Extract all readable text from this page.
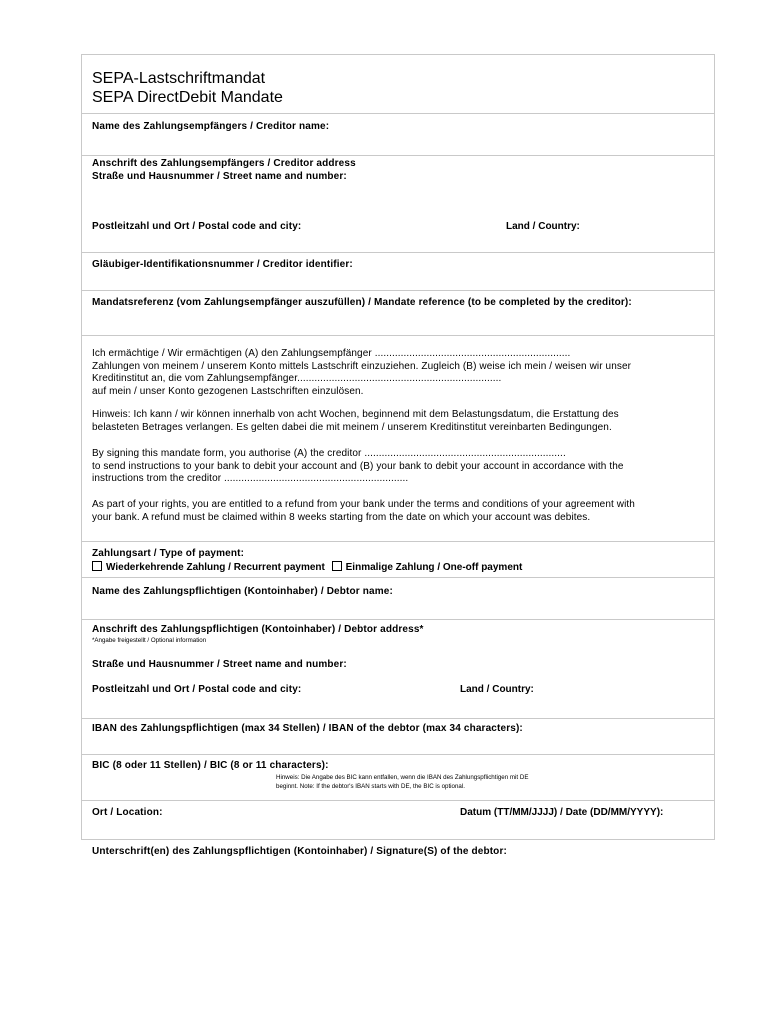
SEPA-Lastschriftmandat
SEPA DirectDebit Mandate
Name des Zahlungsempfängers / Creditor name:
Anschrift des Zahlungsempfängers / Creditor address
Straße und Hausnummer / Street name and number:
Postleitzahl und Ort / Postal code and city:	Land / Country:
Gläubiger-Identifikationsnummer / Creditor identifier:
Mandatsreferenz (vom Zahlungsempfänger auszufüllen) / Mandate reference (to be completed by the creditor):
Ich ermächtige / Wir ermächtigen (A) den Zahlungsempfänger ....................................................................
Zahlungen von meinem / unserem Konto mittels Lastschrift einzuziehen. Zugleich (B) weise ich mein / weisen wir unser
Kreditinstitut an, die vom Zahlungsempfänger.......................................................................
auf mein / unser Konto gezogenen Lastschriften einzulösen.
Hinweis: Ich kann / wir können innerhalb von acht Wochen, beginnend mit dem Belastungsdatum, die Erstattung des
belasteten Betrages verlangen. Es gelten dabei die mit meinem / unserem Kreditinstitut vereinbarten Bedingungen.
By signing this mandate form, you authorise (A) the creditor ......................................................................
to send instructions to your bank to debit your account and (B) your bank to debit your account in accordance with the
instructions trom the creditor ................................................................
As part of your rights, you are entitled to a refund from your bank under the terms and conditions of your agreement with
your bank. A refund must be claimed within 8 weeks starting from the date on which your account was debites.
Zahlungsart / Type of payment:
Wiederkehrende Zahlung / Recurrent payment Einmalige Zahlung / One-off payment
Name des Zahlungspflichtigen (Kontoinhaber) / Debtor name:
Anschrift des Zahlungspflichtigen (Kontoinhaber) / Debtor address*
*Angabe freigestellt / Optional information
Straße und Hausnummer / Street name and number:
Postleitzahl und Ort / Postal code and city:	Land / Country:
IBAN des Zahlungspflichtigen (max 34 Stellen) / IBAN of the debtor (max 34 characters):
BIC (8 oder 11 Stellen) / BIC (8 or 11 characters):
Hinweis: Die Angabe des BIC kann entfallen, wenn die IBAN des Zahlungspflichtigen mit DE
beginnt. Note: If the debtor's IBAN starts with DE, the BIC is optional.
Ort / Location:	Datum (TT/MM/JJJJ) / Date (DD/MM/YYYY):
Unterschrift(en) des Zahlungspflichtigen (Kontoinhaber) / Signature(S) of the debtor:
